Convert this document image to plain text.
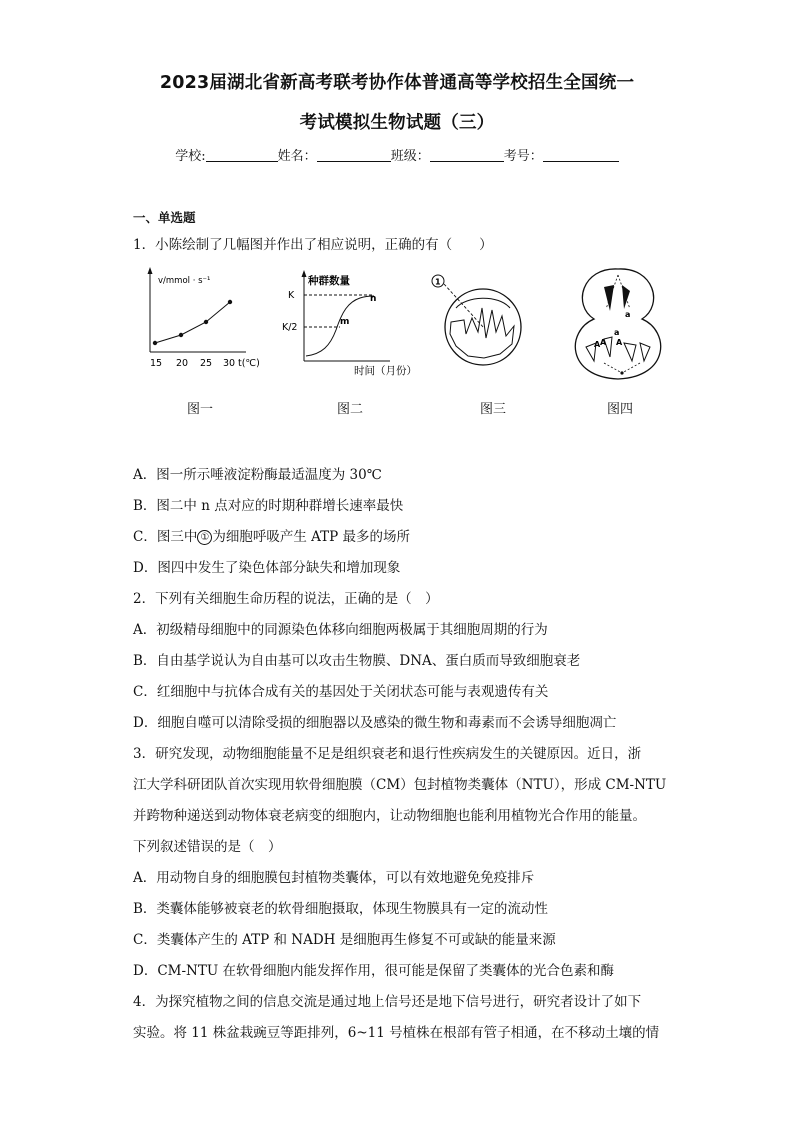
2023届湖北省新高考联考协作体普通高等学校招生全国统一
考试模拟生物试题（三）
学校:	姓名：	班级：	考号：
一、单选题
1．小陈绘制了几幅图并作出了相应说明，正确的有（　　）
v/mmol · s⁻¹
15 20 25 30 t(℃)
种群数量
K
K/2	m
n
时间（月份）
1
a
a
A
A A
图一	图二	图三	图四
A．图一所示唾液淀粉酶最适温度为 30℃
B．图二中 n 点对应的时期种群增长速率最快
C．图三中 ① 为细胞呼吸产生 ATP 最多的场所
D．图四中发生了染色体部分缺失和增加现象
2．下列有关细胞生命历程的说法，正确的是（　）
A．初级精母细胞中的同源染色体移向细胞两极属于其细胞周期的行为
B．自由基学说认为自由基可以攻击生物膜、DNA、蛋白质而导致细胞衰老
C．红细胞中与抗体合成有关的基因处于关闭状态可能与表观遗传有关
D．细胞自噬可以清除受损的细胞器以及感染的微生物和毒素而不会诱导细胞凋亡
3．研究发现，动物细胞能量不足是组织衰老和退行性疾病发生的关键原因。近日，浙
江大学科研团队首次实现用软骨细胞膜（CM）包封植物类囊体（NTU），形成 CM-NTU
并跨物种递送到动物体衰老病变的细胞内，让动物细胞也能利用植物光合作用的能量。
下列叙述错误的是（　）
A．用动物自身的细胞膜包封植物类囊体，可以有效地避免免疫排斥
B．类囊体能够被衰老的软骨细胞摄取，体现生物膜具有一定的流动性
C．类囊体产生的 ATP 和 NADH 是细胞再生修复不可或缺的能量来源
D．CM-NTU 在软骨细胞内能发挥作用，很可能是保留了类囊体的光合色素和酶
4．为探究植物之间的信息交流是通过地上信号还是地下信号进行，研究者设计了如下
实验。将 11 株盆栽豌豆等距排列，6~11 号植株在根部有管子相通，在不移动土壤的情
